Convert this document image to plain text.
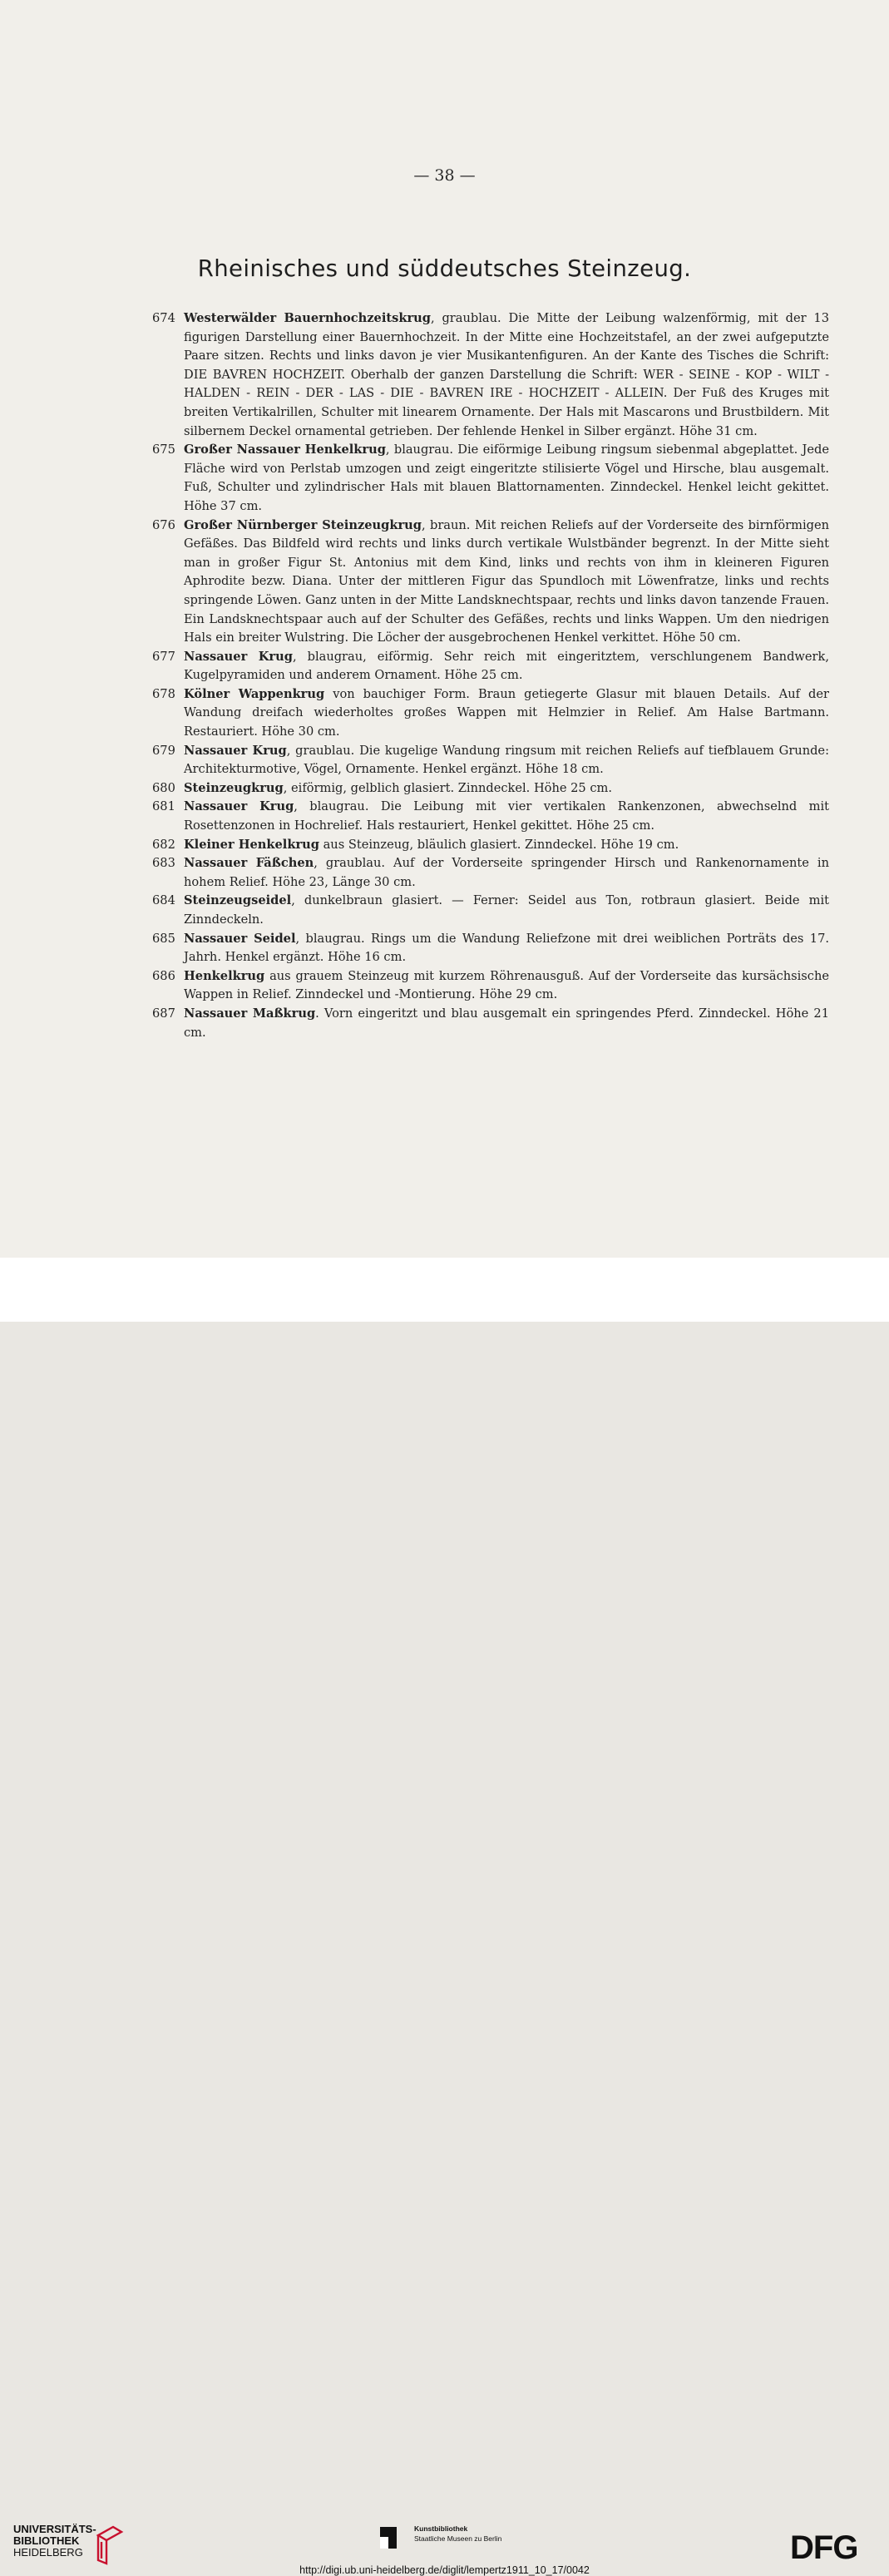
— 38 —
Rheinisches und süddeutsches Steinzeug.
674 Westerwälder Bauernhochzeitskrug, graublau. Die Mitte der Leibung walzenförmig, mit der 13 figurigen Darstellung einer Bauernhochzeit. In der Mitte eine Hochzeitstafel, an der zwei aufgeputzte Paare sitzen. Rechts und links davon je vier Musikantenfiguren. An der Kante des Tisches die Schrift: DIE BAVREN HOCHZEIT. Oberhalb der ganzen Darstellung die Schrift: WER - SEINE - KOP - WILT - HALDEN - REIN - DER - LAS - DIE - BAVREN IRE - HOCHZEIT - ALLEIN. Der Fuß des Kruges mit breiten Vertikalrillen, Schulter mit linearem Ornamente. Der Hals mit Mascarons und Brustbildern. Mit silbernem Deckel ornamental getrieben. Der fehlende Henkel in Silber ergänzt. Höhe 31 cm.
675 Großer Nassauer Henkelkrug, blaugrau. Die eiförmige Leibung ringsum siebenmal abgeplattet. Jede Fläche wird von Perlstab umzogen und zeigt eingeritzte stilisierte Vögel und Hirsche, blau ausgemalt. Fuß, Schulter und zylindrischer Hals mit blauen Blattornamenten. Zinndeckel. Henkel leicht gekittet. Höhe 37 cm.
676 Großer Nürnberger Steinzeugkrug, braun. Mit reichen Reliefs auf der Vorderseite des birnförmigen Gefäßes. Das Bildfeld wird rechts und links durch vertikale Wulstbänder begrenzt. In der Mitte sieht man in großer Figur St. Antonius mit dem Kind, links und rechts von ihm in kleineren Figuren Aphrodite bezw. Diana. Unter der mittleren Figur das Spundloch mit Löwenfratze, links und rechts springende Löwen. Ganz unten in der Mitte Landsknechtspaar, rechts und links davon tanzende Frauen. Ein Landsknechtspaar auch auf der Schulter des Gefäßes, rechts und links Wappen. Um den niedrigen Hals ein breiter Wulstring. Die Löcher der ausgebrochenen Henkel verkittet. Höhe 50 cm.
677 Nassauer Krug, blaugrau, eiförmig. Sehr reich mit eingeritztem, verschlungenem Bandwerk, Kugelpyramiden und anderem Ornament. Höhe 25 cm.
678 Kölner Wappenkrug von bauchiger Form. Braun getiegerte Glasur mit blauen Details. Auf der Wandung dreifach wiederholtes großes Wappen mit Helmzier in Relief. Am Halse Bartmann. Restauriert. Höhe 30 cm.
679 Nassauer Krug, graublau. Die kugelige Wandung ringsum mit reichen Reliefs auf tiefblauem Grunde: Architekturmotive, Vögel, Ornamente. Henkel ergänzt. Höhe 18 cm.
680 Steinzeugkrug, eiförmig, gelblich glasiert. Zinndeckel. Höhe 25 cm.
681 Nassauer Krug, blaugrau. Die Leibung mit vier vertikalen Rankenzonen, abwechselnd mit Rosettenzonen in Hochrelief. Hals restauriert, Henkel gekittet. Höhe 25 cm.
682 Kleiner Henkelkrug aus Steinzeug, bläulich glasiert. Zinndeckel. Höhe 19 cm.
683 Nassauer Fäßchen, graublau. Auf der Vorderseite springender Hirsch und Rankenornamente in hohem Relief. Höhe 23, Länge 30 cm.
684 Steinzeugseidel, dunkelbraun glasiert. — Ferner: Seidel aus Ton, rotbraun glasiert. Beide mit Zinndeckeln.
685 Nassauer Seidel, blaugrau. Rings um die Wandung Reliefzone mit drei weiblichen Porträts des 17. Jahrh. Henkel ergänzt. Höhe 16 cm.
686 Henkelkrug aus grauem Steinzeug mit kurzem Röhrenausguß. Auf der Vorderseite das kursächsische Wappen in Relief. Zinndeckel und -Montierung. Höhe 29 cm.
687 Nassauer Maßkrug. Vorn eingeritzt und blau ausgemalt ein springendes Pferd. Zinndeckel. Höhe 21 cm.
UNIVERSITÄTS-
BIBLIOTHEK
HEIDELBERG
Kunstbibliothek
Staatliche Museen zu Berlin	DFG
http://digi.ub.uni-heidelberg.de/diglit/lempertz1911_10_17/0042
